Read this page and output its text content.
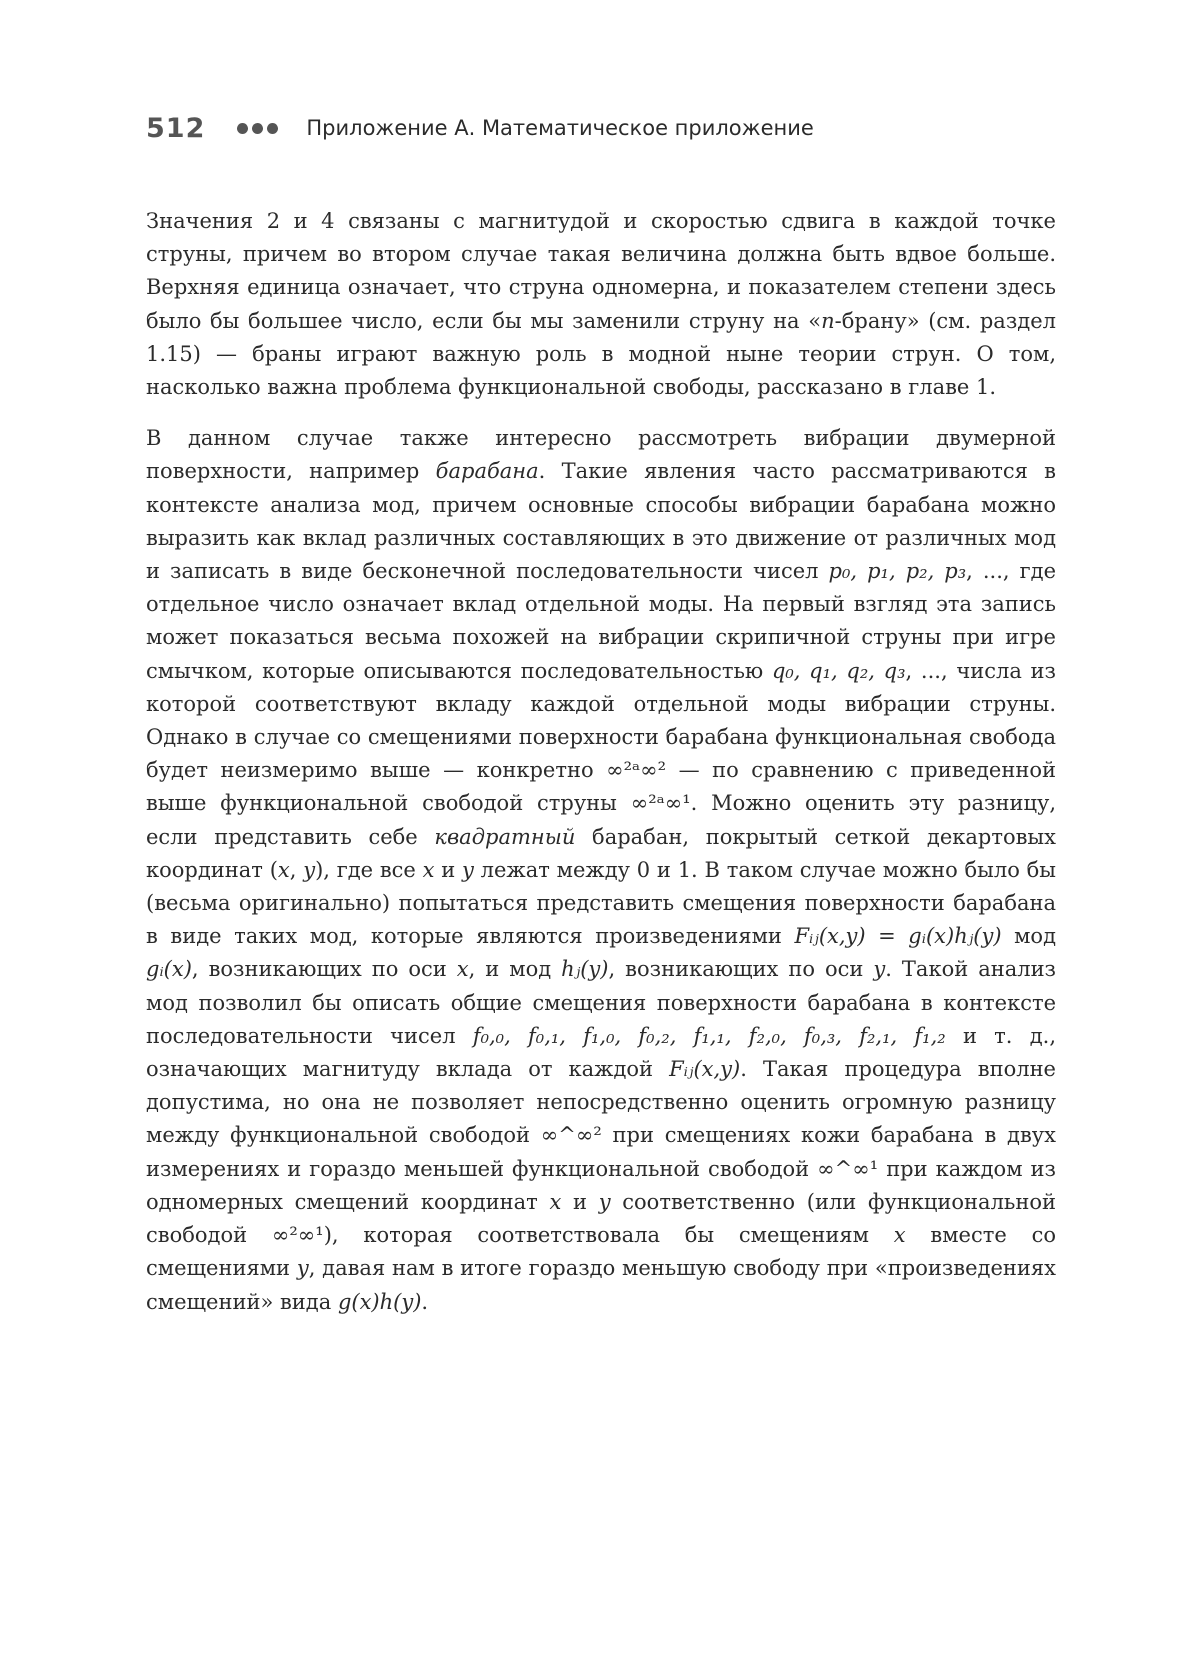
512	Приложение А. Математическое приложение

Значения 2 и 4 связаны с магнитудой и скоростью сдвига в каждой точке струны, причем во втором случае такая величина должна быть вдвое больше. Верхняя единица означает, что струна одномерна, и показателем степени здесь было бы большее число, если бы мы заменили струну на «n-брану» (см. раздел 1.15) — браны играют важную роль в модной ныне теории струн. О том, насколько важна проблема функциональной свободы, рассказано в главе 1.

В данном случае также интересно рассмотреть вибрации двумерной поверхности, например барабана. Такие явления часто рассматриваются в контексте анализа мод, причем основные способы вибрации барабана можно выразить как вклад различных составляющих в это движение от различных мод и записать в виде бесконечной последовательности чисел p₀, p₁, p₂, p₃, ..., где отдельное число означает вклад отдельной моды. На первый взгляд эта запись может показаться весьма похожей на вибрации скрипичной струны при игре смычком, которые описываются последовательностью q₀, q₁, q₂, q₃, ..., числа из которой соответствуют вкладу каждой отдельной моды вибрации струны. Однако в случае со смещениями поверхности барабана функциональная свобода будет неизмеримо выше — конкретно ∞²ᵃ∞² — по сравнению с приведенной выше функциональной свободой струны ∞²ᵃ∞¹. Можно оценить эту разницу, если представить себе квадратный барабан, покрытый сеткой декартовых координат (x, y), где все x и y лежат между 0 и 1. В таком случае можно было бы (весьма оригинально) попытаться представить смещения поверхности барабана в виде таких мод, которые являются произведениями Fᵢⱼ(x,y) = gᵢ(x)hⱼ(y) мод gᵢ(x), возникающих по оси x, и мод hⱼ(y), возникающих по оси y. Такой анализ мод позволил бы описать общие смещения поверхности барабана в контексте последовательности чисел f₀,₀, f₀,₁, f₁,₀, f₀,₂, f₁,₁, f₂,₀, f₀,₃, f₂,₁, f₁,₂ и т. д., означающих магнитуду вклада от каждой Fᵢⱼ(x,y). Такая процедура вполне допустима, но она не позволяет непосредственно оценить огромную разницу между функциональной свободой ∞^∞² при смещениях кожи барабана в двух измерениях и гораздо меньшей функциональной свободой ∞^∞¹ при каждом из одномерных смещений координат x и y соответственно (или функциональной свободой ∞²∞¹), которая соответствовала бы смещениям x вместе со смещениями y, давая нам в итоге гораздо меньшую свободу при «произведениях смещений» вида g(x)h(y).
